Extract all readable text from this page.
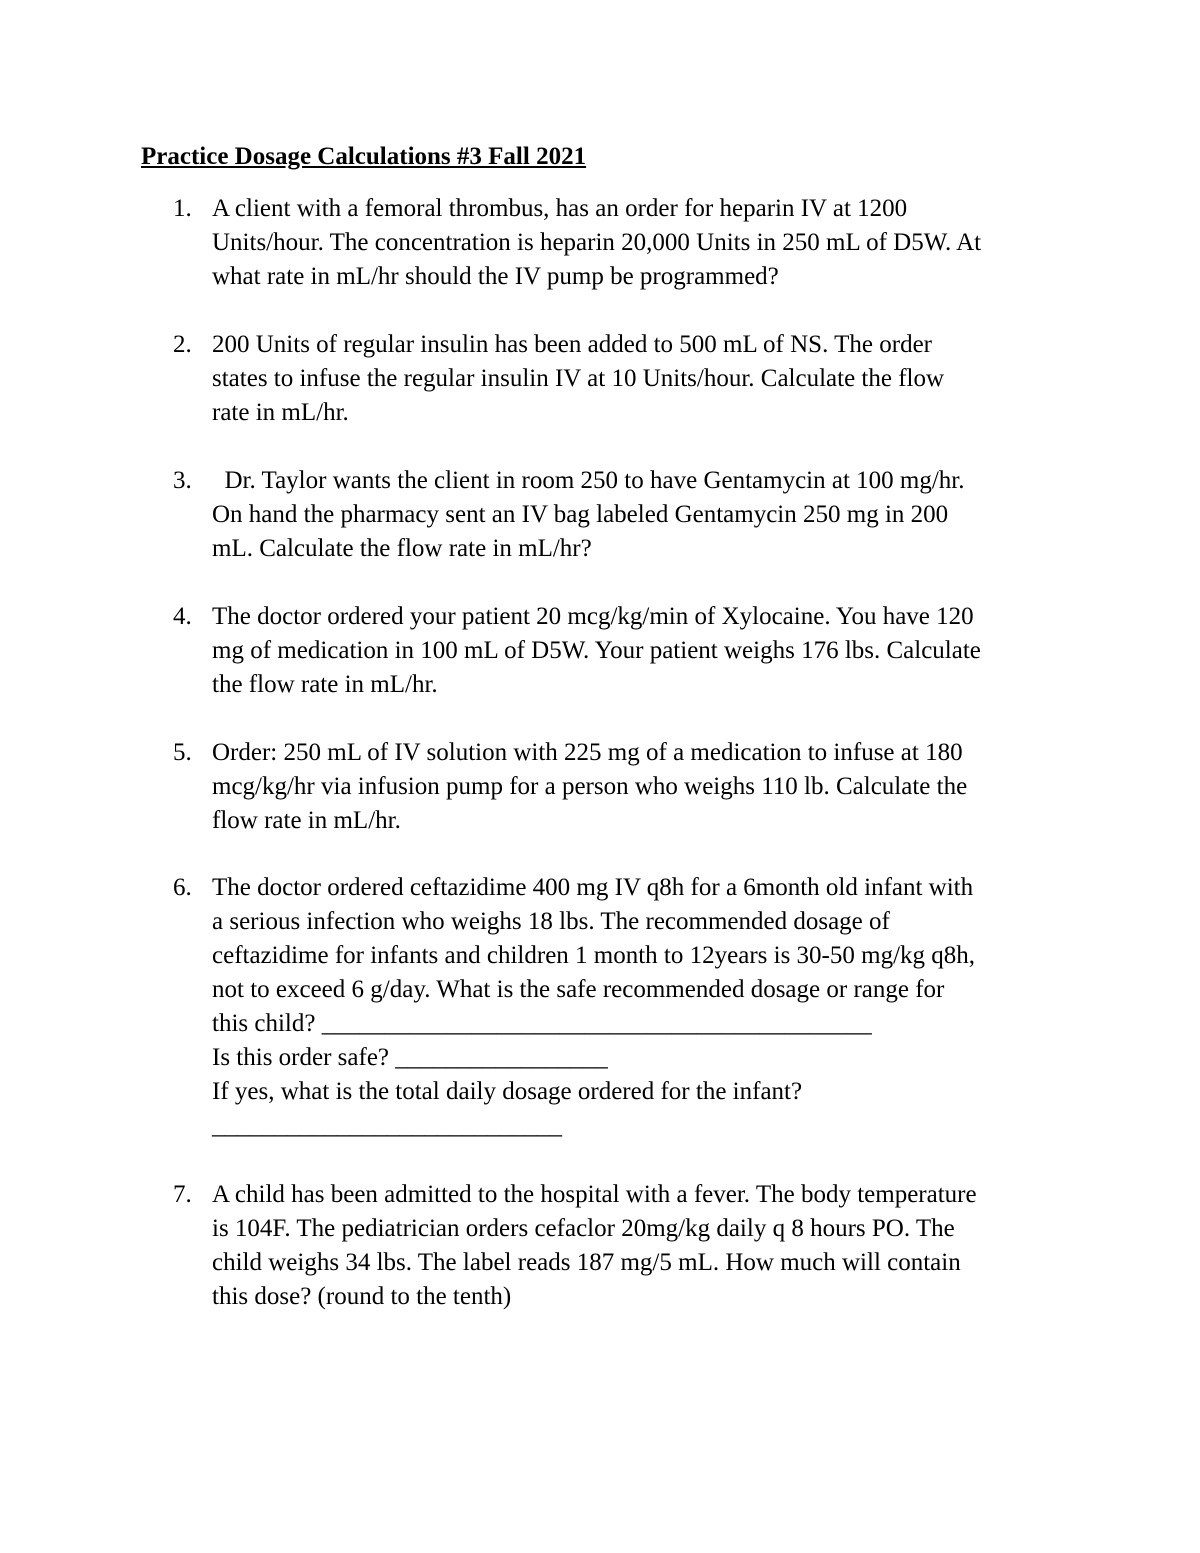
Practice Dosage Calculations #3 Fall 2021
1. A client with a femoral thrombus, has an order for heparin IV at 1200
Units/hour. The concentration is heparin 20,000 Units in 250 mL of D5W. At
what rate in mL/hr should the IV pump be programmed?
2. 200 Units of regular insulin has been added to 500 mL of NS. The order
states to infuse the regular insulin IV at 10 Units/hour. Calculate the flow
rate in mL/hr.
3. Dr. Taylor wants the client in room 250 to have Gentamycin at 100 mg/hr.
On hand the pharmacy sent an IV bag labeled Gentamycin 250 mg in 200
mL. Calculate the flow rate in mL/hr?
4. The doctor ordered your patient 20 mcg/kg/min of Xylocaine. You have 120
mg of medication in 100 mL of D5W. Your patient weighs 176 lbs. Calculate
the flow rate in mL/hr.
5. Order: 250 mL of IV solution with 225 mg of a medication to infuse at 180
mcg/kg/hr via infusion pump for a person who weighs 110 lb. Calculate the
flow rate in mL/hr.
6. The doctor ordered ceftazidime 400 mg IV q8h for a 6month old infant with
a serious infection who weighs 18 lbs. The recommended dosage of
ceftazidime for infants and children 1 month to 12years is 30-50 mg/kg q8h,
not to exceed 6 g/day. What is the safe recommended dosage or range for
this child? ____________________________________________
Is this order safe? _________________
If yes, what is the total daily dosage ordered for the infant?
____________________________
7. A child has been admitted to the hospital with a fever. The body temperature
is 104F. The pediatrician orders cefaclor 20mg/kg daily q 8 hours PO. The
child weighs 34 lbs. The label reads 187 mg/5 mL. How much will contain
this dose? (round to the tenth)
